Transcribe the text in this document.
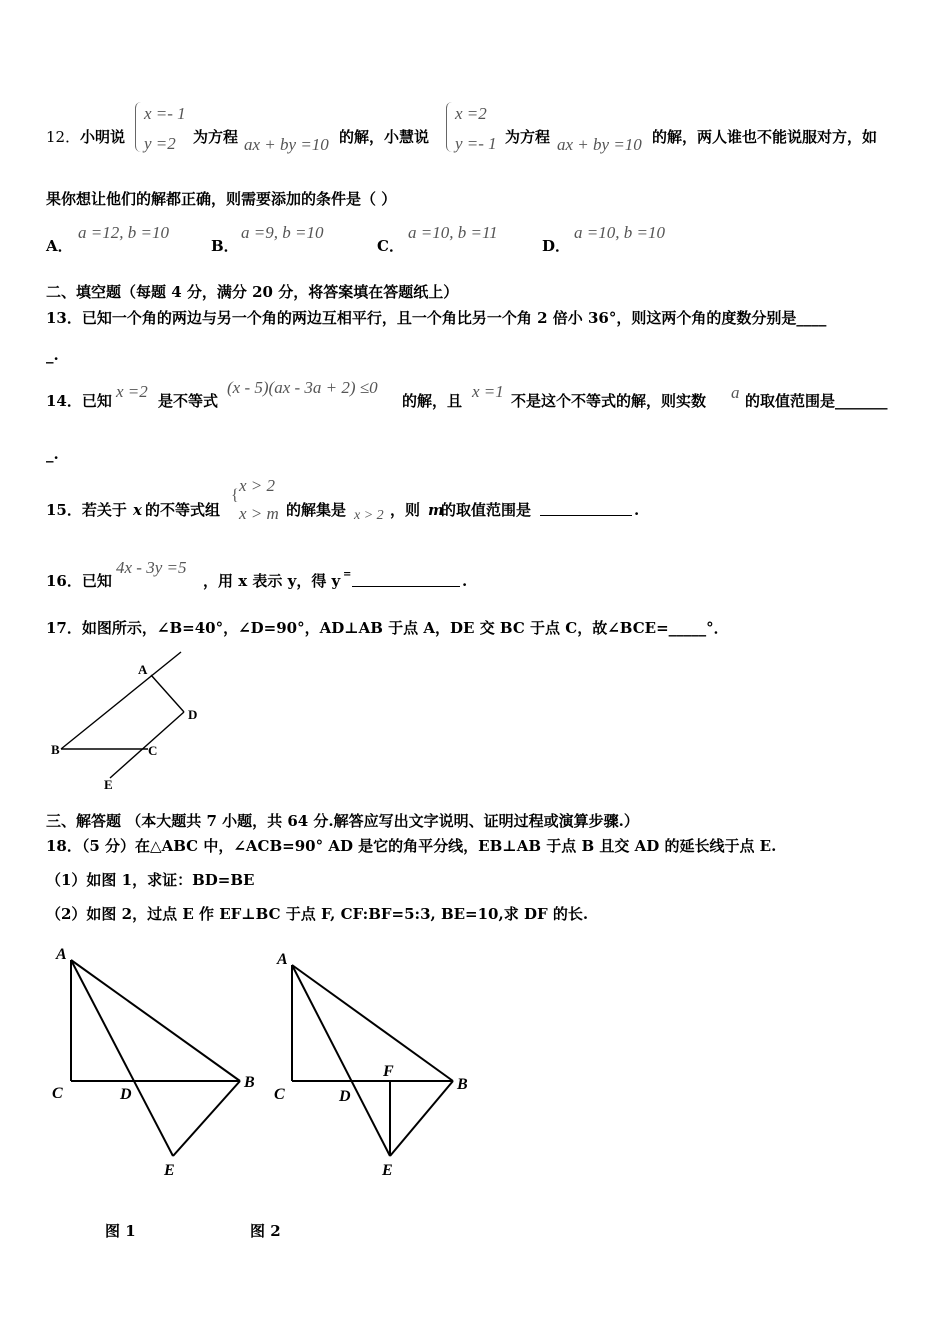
12． 小明说
x =- 1
y =2 为方程 ax + by =10 的解，小慧说
x =2
y =- 1 为方程 ax + by =10 的解，两人谁也不能说服对方，如
果你想让他们的解都正确，则需要添加的条件是（ ）
A．
a =12, b =10
B．
a =9, b =10
C．
a =10, b =11
D．
a =10, b =10
二、填空题（每题 4 分，满分 20 分，将答案填在答题纸上）
13．已知一个角的两边与另一个角的两边互相平行，且一个角比另一个角 2 倍小 36°，则这两个角的度数分别是____
_.
14．已知 x =2 是不等式
(x - 5)(ax - 3a + 2) ≤0
的解，且 x =1 不是这个不等式的解，则实数 a 的取值范围是_______
_.
15．若关于 x 的不等式组
{
x > 2
x > m 的解集是 x > 2 ，则 m
的取值范围是	.
16．已知
4x - 3y =5
，用 x 表示 y，得 y =	.
17．如图所示，∠B=40°，∠D=90°，AD⊥AB 于点 A，DE 交 BC 于点 C，故∠BCE=_____°．
A
D
B	C
E
三、解答题 （本大题共 7 小题，共 64 分.解答应写出文字说明、证明过程或演算步骤.）
18．（5 分）在△ABC 中，∠ACB=90° AD 是它的角平分线，EB⊥AB 于点 B 且交 AD 的延长线于点 E.
（1）如图 1，求证：BD=BE
（2）如图 2，过点 E 作 EF⊥BC 于点 F, CF:BF=5:3, BE=10,求 DF 的长.
A
C	D
B
E
A
C	D
F
B
E
图 1	图 2
